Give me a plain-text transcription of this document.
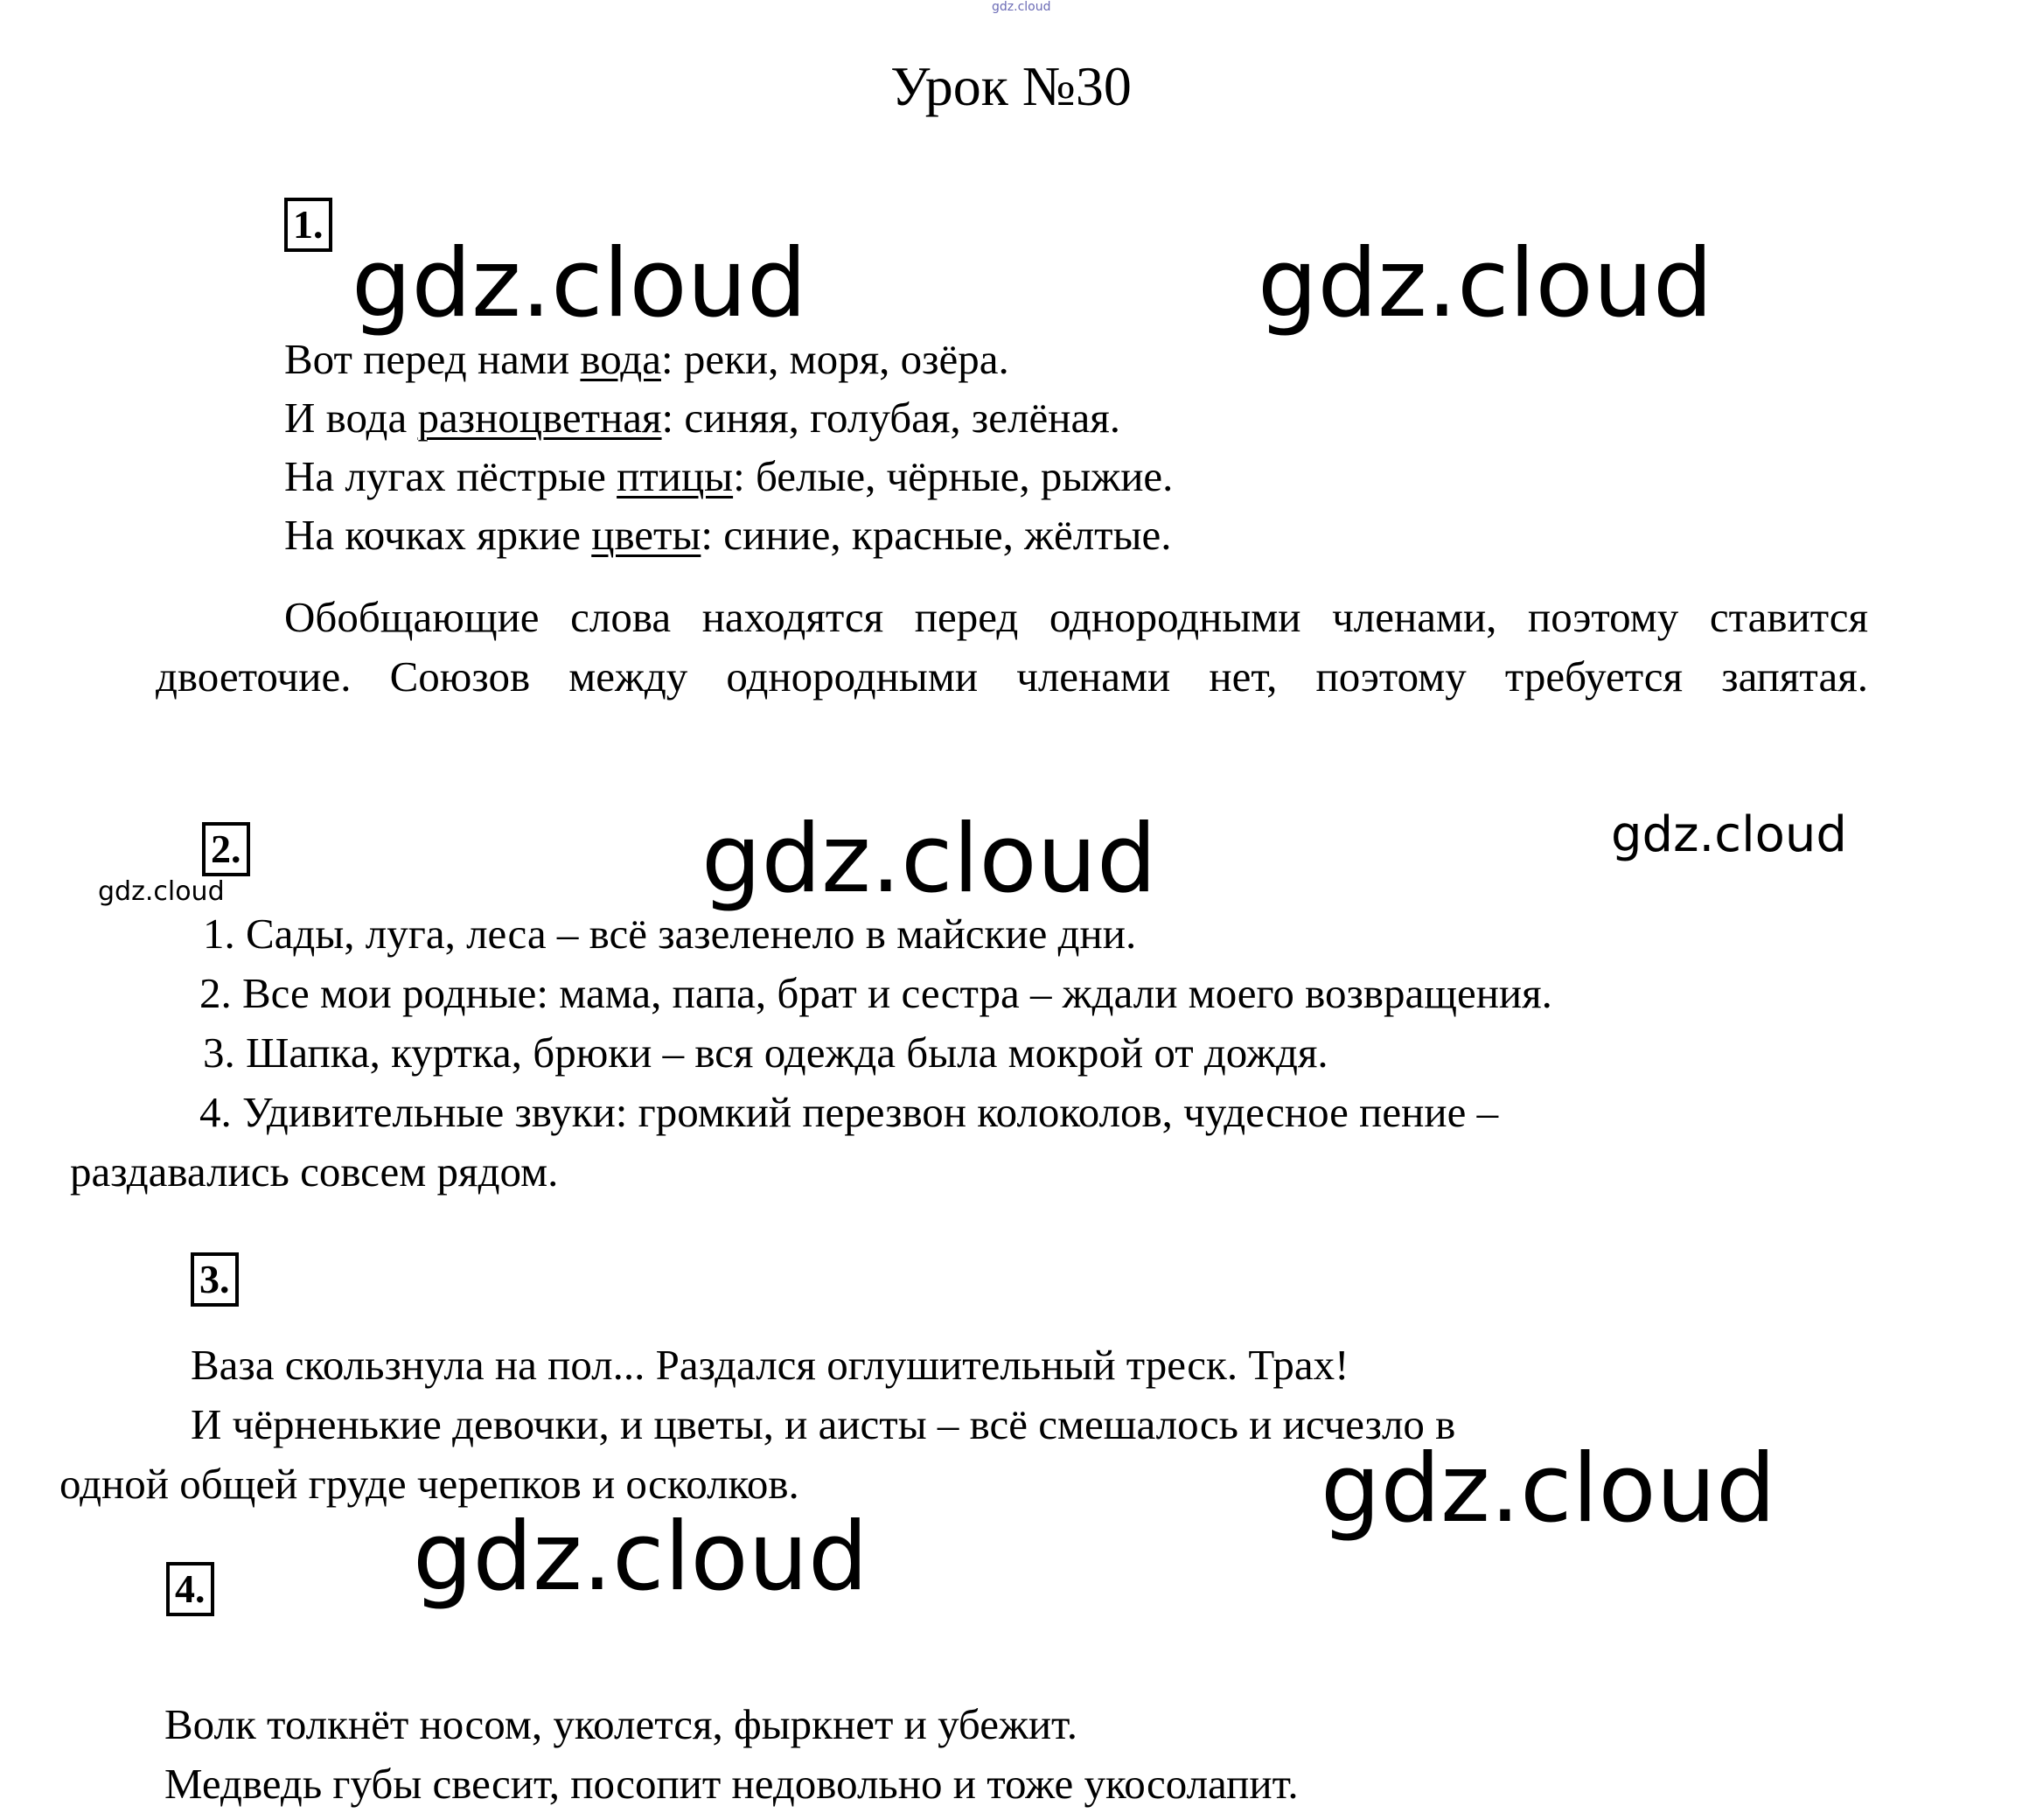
gdz.cloud
Урок №30
1.
gdz.cloud	gdz.cloud
Вот перед нами вода: реки, моря, озёра.
И вода разноцветная: синяя, голубая, зелёная.
На лугах пёстрые птицы: белые, чёрные, рыжие.
На кочках яркие цветы: синие, красные, жёлтые.
Обобщающие слова находятся перед однородными членами, поэтому ставится двоеточие. Союзов между однородными членами нет, поэтому требуется запятая.
2.	gdz.cloud	gdz.cloud
gdz.cloud
1. Сады, луга, леса – всё зазеленело в майские дни.
2. Все мои родные: мама, папа, брат и сестра – ждали моего возвращения.
3. Шапка, куртка, брюки – вся одежда была мокрой от дождя.
4. Удивительные звуки: громкий перезвон колоколов, чудесное пение –
раздавались совсем рядом.
3.
Ваза скользнула на пол... Раздался оглушительный треск. Трах!
И чёрненькие девочки, и цветы, и аисты – всё смешалось и исчезло в
одной общей груде черепков и осколков.	gdz.cloud
gdz.cloud
4.
Волк толкнёт носом, уколется, фыркнет и убежит.
Медведь губы свесит, посопит недовольно и тоже укосолапит.
